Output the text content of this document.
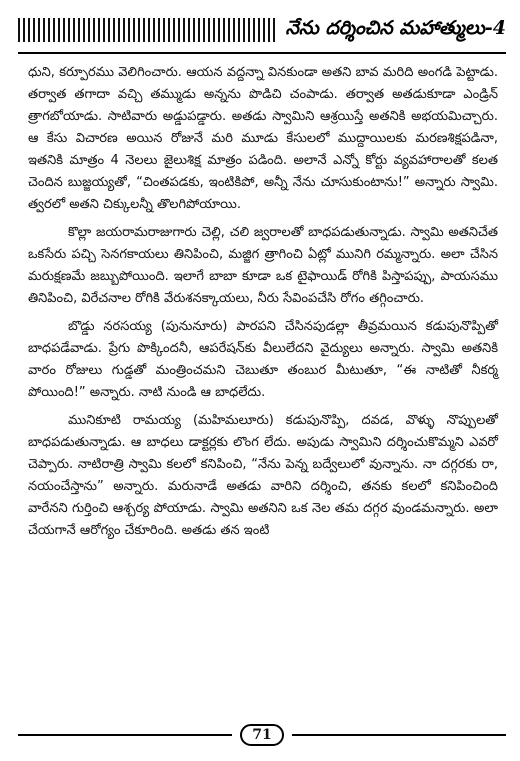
నేను దర్శించిన మహాత్ములు-4

ధుని, కర్పూరము వెలిగించారు. ఆయన వద్దన్నా వినకుండా అతని బావ మరిది అంగడి పెట్టాడు. తర్వాత తగాదా వచ్చి తమ్ముడు అన్నను పొడిచి చంపాడు. తర్వాత అతడుకూడా ఎండ్రిన్ త్రాగబోయాడు. సాటివారు అడ్డుపడ్డారు. అతడు స్వామిని ఆశ్రయిస్తే అతనికి అభయమిచ్చారు. ఆ కేసు విచారణ అయిన రోజునే మరి మూడు కేసులలో ముద్దాయిలకు మరణశిక్షపడినా, ఇతనికి మాత్రం 4 నెలలు జైలుశిక్ష మాత్రం పడింది. అలానే ఎన్నో కోర్టు వ్యవహారాలతో కలత చెందిన బుజ్జయ్యతో, “చింతపడకు, ఇంటికిపో, అన్నీ నేను చూసుకుంటాను!” అన్నారు స్వామి. త్వరలో అతని చిక్కులన్నీ తొలగిపోయాయి.

కొల్లా జయరామరాజుగారు చెల్లి, చలి జ్వరాలతో బాధపడుతున్నాడు. స్వామి అతనిచేత ఒకసేరు పచ్చి సెనగకాయలు తినిపించి, మజ్జిగ త్రాగించి ఏట్లో మునిగి రమ్మన్నారు. అలా చేసిన మరుక్షణమే జబ్బుపోయింది. ఇలాగే బాబా కూడా ఒక టైఫాయిడ్ రోగికి పిస్తాపప్పు, పాయసము తినిపించి, విరేచనాల రోగికి వేరుశనక్కాయలు, నీరు సేవింపచేసి రోగం తగ్గించారు.

బొడ్డు నరసయ్య (పునునూరు) పారపని చేసినపుడల్లా తీవ్రమయిన కడుపునొప్పితో బాధపడేవాడు. ప్రేగు పొక్కిందనీ, ఆపరేషన్‌కు వీలులేదని వైద్యులు అన్నారు. స్వామి అతనికి వారం రోజులు గుడ్డతో మంత్రించమని చెబుతూ తంబుర మీటుతూ, “ఈ నాటితో నీకర్మ పోయింది!” అన్నారు. నాటి నుండి ఆ బాధలేదు.

మునికూటి రామయ్య (మహిమలూరు) కడుపునొప్పి, దవడ, వొళ్ళు నొప్పులతో బాధపడుతున్నాడు. ఆ బాధలు డాక్టర్లకు లొంగ లేదు. అపుడు స్వామిని దర్శించుకొమ్మని ఎవరో చెప్పారు. నాటిరాత్రి స్వామి కలలో కనిపించి, “నేను పెన్న బద్వేలులో వున్నాను. నా దగ్గరకు రా, నయంచేస్తాను” అన్నారు. మరునాడే అతడు వారిని దర్శించి, తనకు కలలో కనిపించింది వారేనని గుర్తించి ఆశ్చర్య పోయాడు. స్వామి అతనిని ఒక నెల తమ దగ్గర వుండమన్నారు. అలా చేయగానే ఆరోగ్యం చేకూరింది. అతడు తన ఇంటి

71
